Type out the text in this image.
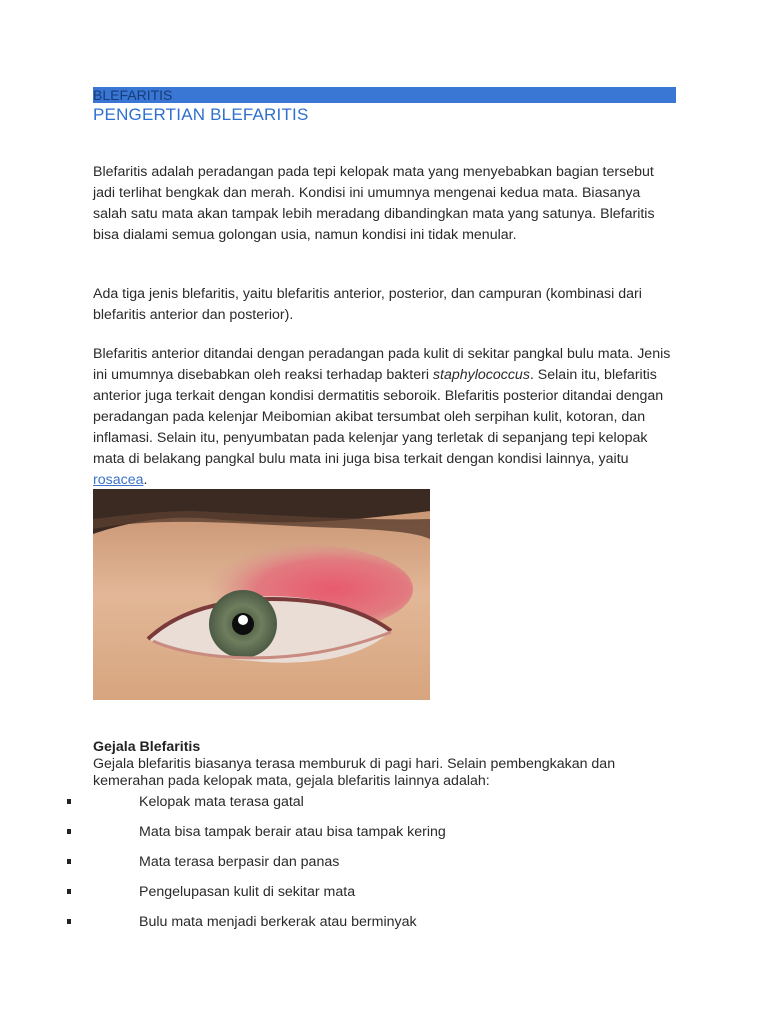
BLEFARITIS
PENGERTIAN BLEFARITIS

Blefaritis adalah peradangan pada tepi kelopak mata yang menyebabkan bagian tersebut jadi terlihat bengkak dan merah. Kondisi ini umumnya mengenai kedua mata. Biasanya salah satu mata akan tampak lebih meradang dibandingkan mata yang satunya. Blefaritis bisa dialami semua golongan usia, namun kondisi ini tidak menular.

Ada tiga jenis blefaritis, yaitu blefaritis anterior, posterior, dan campuran (kombinasi dari blefaritis anterior dan posterior).

Blefaritis anterior ditandai dengan peradangan pada kulit di sekitar pangkal bulu mata. Jenis ini umumnya disebabkan oleh reaksi terhadap bakteri staphylococcus. Selain itu, blefaritis anterior juga terkait dengan kondisi dermatitis seboroik. Blefaritis posterior ditandai dengan peradangan pada kelenjar Meibomian akibat tersumbat oleh serpihan kulit, kotoran, dan inflamasi. Selain itu, penyumbatan pada kelenjar yang terletak di sepanjang tepi kelopak mata di belakang pangkal bulu mata ini juga bisa terkait dengan kondisi lainnya, yaitu rosacea.

Gejala Blefaritis

Gejala blefaritis biasanya terasa memburuk di pagi hari. Selain pembengkakan dan kemerahan pada kelopak mata, gejala blefaritis lainnya adalah:

Kelopak mata terasa gatal
Mata bisa tampak berair atau bisa tampak kering
Mata terasa berpasir dan panas
Pengelupasan kulit di sekitar mata
Bulu mata menjadi berkerak atau berminyak
